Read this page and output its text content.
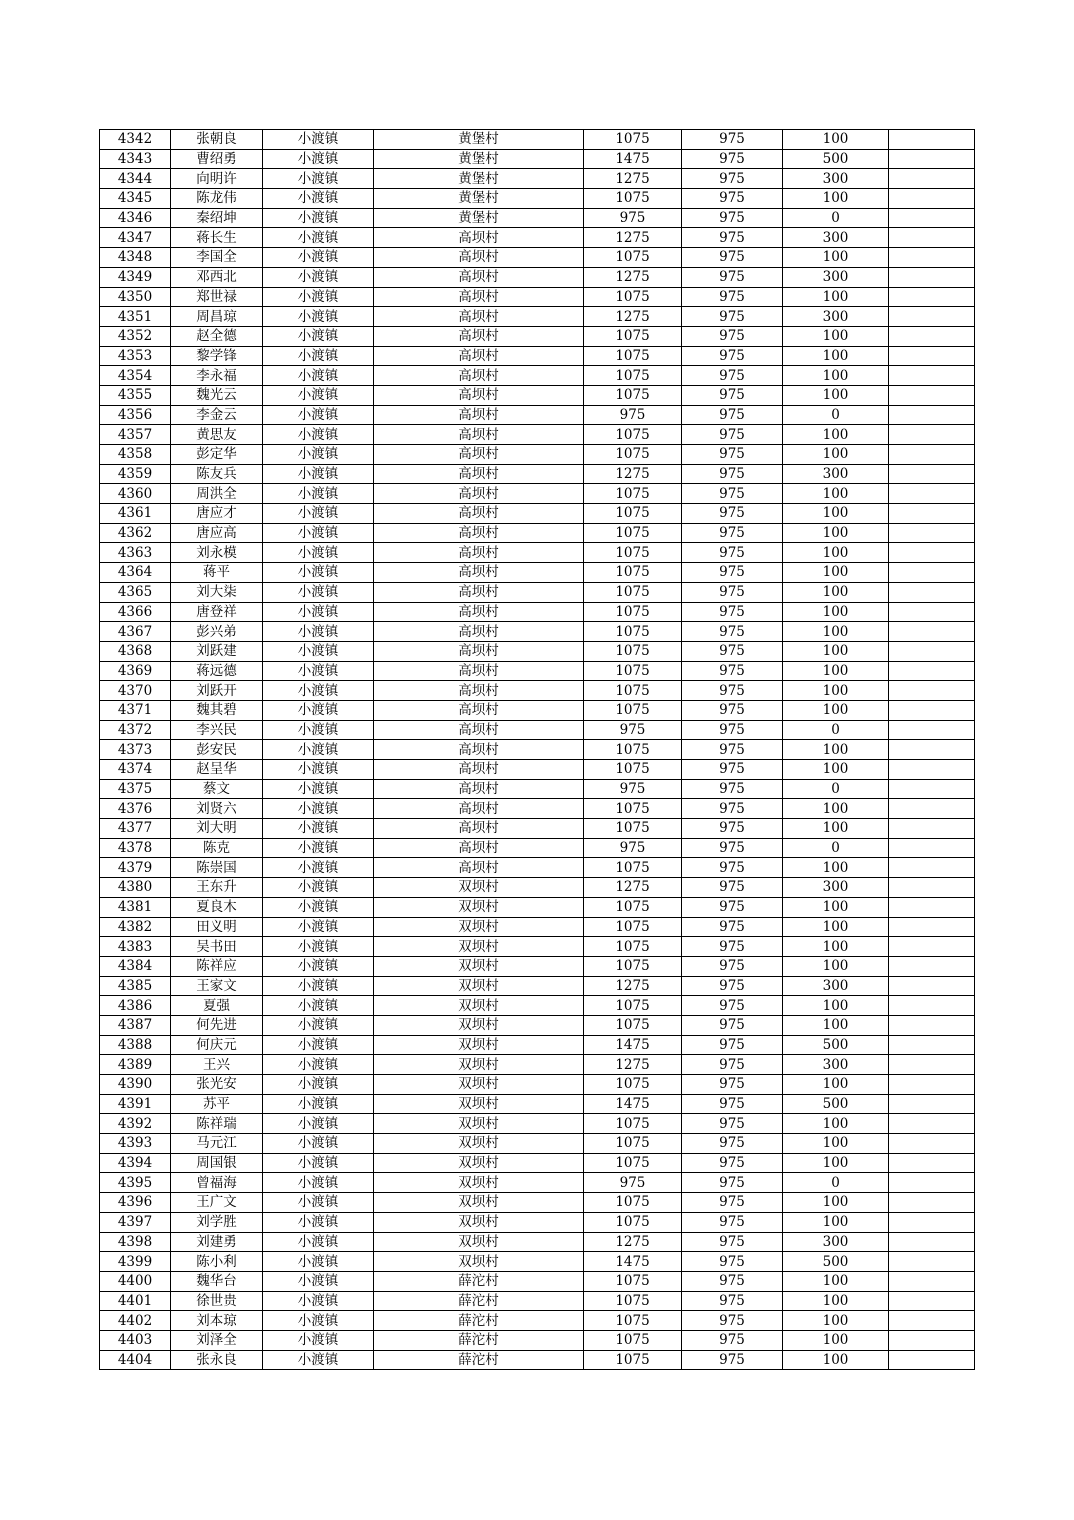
4342	张朝良	小渡镇	黄堡村	1075	975	100	
4343	曹绍勇	小渡镇	黄堡村	1475	975	500	
4344	向明许	小渡镇	黄堡村	1275	975	300	
4345	陈龙伟	小渡镇	黄堡村	1075	975	100	
4346	秦绍坤	小渡镇	黄堡村	975	975	0	
4347	蒋长生	小渡镇	高坝村	1275	975	300	
4348	李国全	小渡镇	高坝村	1075	975	100	
4349	邓西北	小渡镇	高坝村	1275	975	300	
4350	郑世禄	小渡镇	高坝村	1075	975	100	
4351	周昌琼	小渡镇	高坝村	1275	975	300	
4352	赵全德	小渡镇	高坝村	1075	975	100	
4353	黎学锋	小渡镇	高坝村	1075	975	100	
4354	李永福	小渡镇	高坝村	1075	975	100	
4355	魏光云	小渡镇	高坝村	1075	975	100	
4356	李金云	小渡镇	高坝村	975	975	0	
4357	黄思友	小渡镇	高坝村	1075	975	100	
4358	彭定华	小渡镇	高坝村	1075	975	100	
4359	陈友兵	小渡镇	高坝村	1275	975	300	
4360	周洪全	小渡镇	高坝村	1075	975	100	
4361	唐应才	小渡镇	高坝村	1075	975	100	
4362	唐应高	小渡镇	高坝村	1075	975	100	
4363	刘永模	小渡镇	高坝村	1075	975	100	
4364	蒋平	小渡镇	高坝村	1075	975	100	
4365	刘大柒	小渡镇	高坝村	1075	975	100	
4366	唐登祥	小渡镇	高坝村	1075	975	100	
4367	彭兴弟	小渡镇	高坝村	1075	975	100	
4368	刘跃建	小渡镇	高坝村	1075	975	100	
4369	蒋远德	小渡镇	高坝村	1075	975	100	
4370	刘跃开	小渡镇	高坝村	1075	975	100	
4371	魏其碧	小渡镇	高坝村	1075	975	100	
4372	李兴民	小渡镇	高坝村	975	975	0	
4373	彭安民	小渡镇	高坝村	1075	975	100	
4374	赵呈华	小渡镇	高坝村	1075	975	100	
4375	蔡文	小渡镇	高坝村	975	975	0	
4376	刘贤六	小渡镇	高坝村	1075	975	100	
4377	刘大明	小渡镇	高坝村	1075	975	100	
4378	陈克	小渡镇	高坝村	975	975	0	
4379	陈崇国	小渡镇	高坝村	1075	975	100	
4380	王东升	小渡镇	双坝村	1275	975	300	
4381	夏良木	小渡镇	双坝村	1075	975	100	
4382	田义明	小渡镇	双坝村	1075	975	100	
4383	吴书田	小渡镇	双坝村	1075	975	100	
4384	陈祥应	小渡镇	双坝村	1075	975	100	
4385	王家文	小渡镇	双坝村	1275	975	300	
4386	夏强	小渡镇	双坝村	1075	975	100	
4387	何先进	小渡镇	双坝村	1075	975	100	
4388	何庆元	小渡镇	双坝村	1475	975	500	
4389	王兴	小渡镇	双坝村	1275	975	300	
4390	张光安	小渡镇	双坝村	1075	975	100	
4391	苏平	小渡镇	双坝村	1475	975	500	
4392	陈祥瑞	小渡镇	双坝村	1075	975	100	
4393	马元江	小渡镇	双坝村	1075	975	100	
4394	周国银	小渡镇	双坝村	1075	975	100	
4395	曾福海	小渡镇	双坝村	975	975	0	
4396	王广文	小渡镇	双坝村	1075	975	100	
4397	刘学胜	小渡镇	双坝村	1075	975	100	
4398	刘建勇	小渡镇	双坝村	1275	975	300	
4399	陈小利	小渡镇	双坝村	1475	975	500	
4400	魏华台	小渡镇	薛沱村	1075	975	100	
4401	徐世贵	小渡镇	薛沱村	1075	975	100	
4402	刘本琼	小渡镇	薛沱村	1075	975	100	
4403	刘泽全	小渡镇	薛沱村	1075	975	100	
4404	张永良	小渡镇	薛沱村	1075	975	100	
